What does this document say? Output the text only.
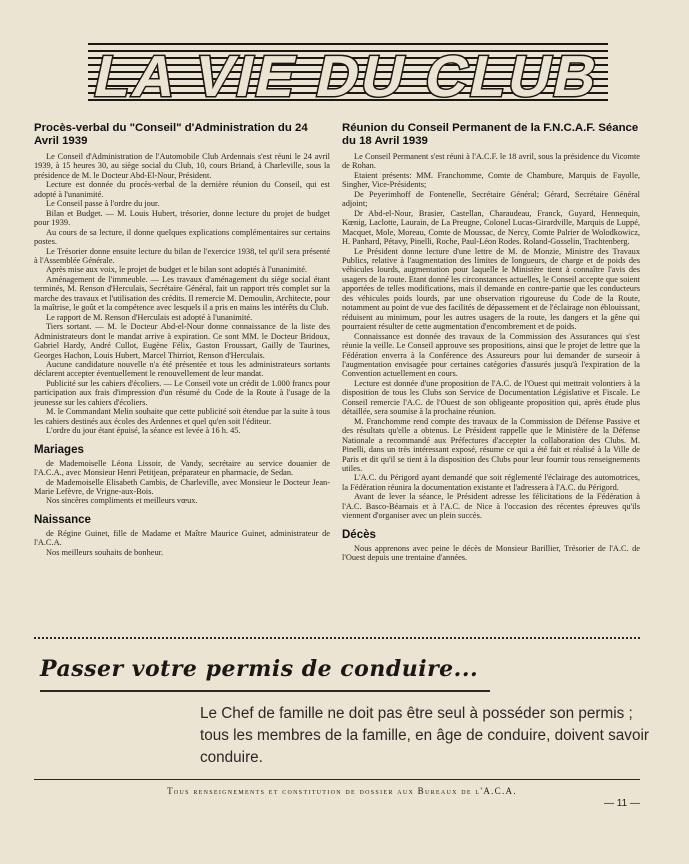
LA VIE DU CLUB
Procès-verbal du "Conseil" d'Administration du 24 Avril 1939

Le Conseil d'Administration de l'Automobile Club Ardennais s'est réuni le 24 avril 1939, à 15 heures 30, au siège social du Club, 10, cours Briand, à Charleville, sous la présidence de M. le Docteur Abd-El-Nour, Président.

Lecture est donnée du procès-verbal de la dernière réunion du Conseil, qui est adopté à l'unanimité.

Le Conseil passe à l'ordre du jour.

Bilan et Budget. — M. Louis Hubert, trésorier, donne lecture du projet de budget pour 1939.

Au cours de sa lecture, il donne quelques explications complémentaires sur certains postes.

Le Trésorier donne ensuite lecture du bilan de l'exercice 1938, tel qu'il sera présenté à l'Assemblée Générale.

Après mise aux voix, le projet de budget et le bilan sont adoptés à l'unanimité.

Aménagement de l'immeuble. — Les travaux d'aménagement du siège social étant terminés, M. Renson d'Herculais, Secrétaire Général, fait un rapport très complet sur la marche des travaux et l'utilisation des crédits. Il remercie M. Demoulin, Architecte, pour la maîtrise, le goût et la compétence avec lesquels il a pris en mains les intérêts du Club.

Le rapport de M. Renson d'Herculais est adopté à l'unanimité.

Tiers sortant. — M. le Docteur Abd-el-Nour donne connaissance de la liste des Administrateurs dont le mandat arrive à expiration. Ce sont MM. le Docteur Bridoux, Gabriel Hardy, André Cullot, Eugène Félix, Gaston Froussart, Gailly de Taurines, Georges Hachon, Louis Hubert, Marcel Thirriot, Renson d'Herculais.

Aucune candidature nouvelle n'a été présentée et tous les administrateurs sortants déclarent accepter éventuellement le renouvellement de leur mandat.

Publicité sur les cahiers d'écoliers. — Le Conseil vote un crédit de 1.000 francs pour participation aux frais d'impression d'un résumé du Code de la Route à l'usage de la jeunesse sur les cahiers d'écoliers.

M. le Commandant Melin souhaite que cette publicité soit étendue par la suite à tous les cahiers destinés aux écoles des Ardennes et quel qu'en soit l'éditeur.

L'ordre du jour étant épuisé, la séance est levée à 16 h. 45.

Mariages

de Mademoiselle Léona Lissoir, de Vandy, secrétaire au service douanier de l'A.C.A., avec Monsieur Henri Petitjean, préparateur en pharmacie, de Sedan.

de Mademoiselle Elisabeth Cambis, de Charleville, avec Monsieur le Docteur Jean-Marie Lefèvre, de Vrigne-aux-Bois.

Nos sincères compliments et meilleurs vœux.

Naissance

de Régine Guinet, fille de Madame et Maître Maurice Guinet, administrateur de l'A.C.A.

Nos meilleurs souhaits de bonheur.

Réunion du Conseil Permanent de la F.N.C.A.F. Séance du 18 Avril 1939

Le Conseil Permanent s'est réuni à l'A.C.F. le 18 avril, sous la présidence du Vicomte de Rohan.

Etaient présents: MM. Franchomme, Comte de Chambure, Marquis de Fayolle, Singher, Vice-Présidents;

De Peyerimhoff de Fontenelle, Secrétaire Général; Gérard, Secrétaire Général adjoint;

Dr Abd-el-Nour, Brasier, Castellan, Charaudeau, Franck, Guyard, Hennequin, Kœnig, Laclotte, Laurain, de La Preugne, Colonel Lucas-Girardville, Marquis de Luppé, Macquet, Mole, Moreau, Comte de Moussac, de Nercy, Comte Palrier de Wolodkowicz, H. Panhard, Pétavy, Pinelli, Roche, Paul-Léon Rodes. Roland-Gosselin, Trachtenberg.

Le Président donne lecture d'une lettre de M. de Monzie, Ministre des Travaux Publics, relative à l'augmentation des limites de longueurs, de charge et de poids des véhicules lourds, augmentation pour laquelle le Ministère tient à connaître l'avis des usagers de la route. Etant donné les circonstances actuelles, le Conseil accepte que soient apportées de telles modifications, mais il demande en contre-partie que les conducteurs des véhicules poids lourds, par une observation rigoureuse du Code de la Route, notamment au point de vue des facilités de dépassement et de l'éclairage non éblouissant, réduisent au minimum, pour les autres usagers de la route, les dangers et la gêne qui pourraient résulter de cette augmentation d'encombrement et de poids.

Connaissance est donnée des travaux de la Commission des Assurances qui s'est réunie la veille. Le Conseil approuve ses propositions, ainsi que le projet de lettre que la Fédération enverra à la Conférence des Assureurs pour lui demander de surseoir à l'augmentation envisagée pour certaines catégories d'assurés jusqu'à l'expiration de la Convention actuellement en cours.

Lecture est donnée d'une proposition de l'A.C. de l'Ouest qui mettrait volontiers à la disposition de tous les Clubs son Service de Documentation Législative et Fiscale. Le Conseil remercie l'A.C. de l'Ouest de son obligeante proposition qui, après étude plus détaillée, sera soumise à la prochaine réunion.

M. Franchomme rend compte des travaux de la Commission de Défense Passive et des résultats qu'elle a obtenus. Le Président rappelle que le Ministère de la Défense Nationale a recommandé aux Préfectures d'accepter la collaboration des Clubs. M. Pinelli, dans un très intéressant exposé, résume ce qui a été fait et réalisé à la Ville de Paris et dit qu'il se tient à la disposition des Clubs pour leur fournir tous renseignements utiles.

L'A.C. du Périgord ayant demandé que soit réglementé l'éclairage des automotrices, la Fédération réunira la documentation existante et l'adressera à l'A.C. du Périgord.

Avant de lever la séance, le Président adresse les félicitations de la Fédération à l'A.C. Basco-Béarnais et à l'A.C. de Nice à l'occasion des récentes épreuves qu'ils viennent d'organiser avec un plein succès.

Décès

Nous apprenons avec peine le décès de Monsieur Barillier, Trésorier de l'A.C. de l'Ouest depuis une trentaine d'années.

Passer votre permis de conduire...
Le Chef de famille ne doit pas être seul à posséder son permis ; tous les membres de la famille, en âge de conduire, doivent savoir conduire.
Tous renseignements et constitution de dossier aux Bureaux de l'A.C.A.
— 11 —
